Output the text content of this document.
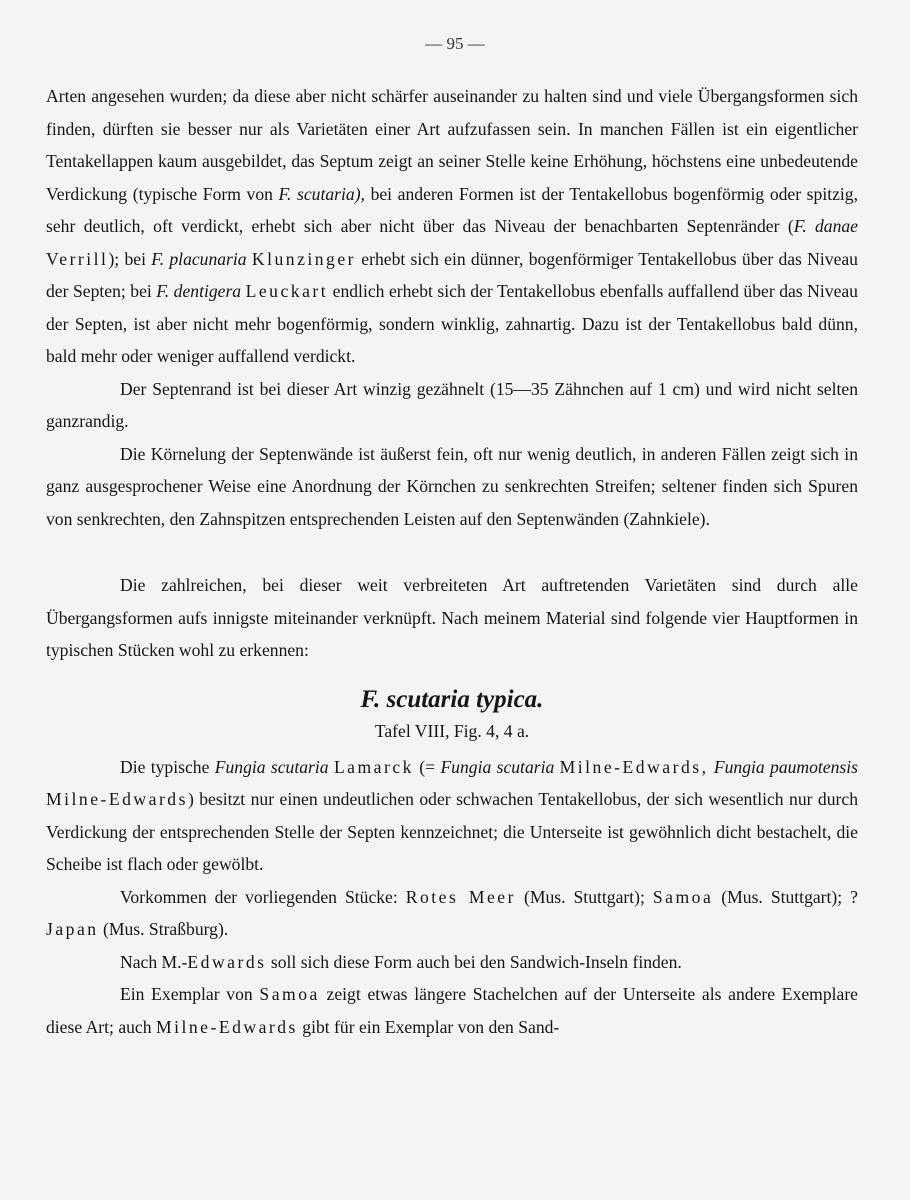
— 95 —

Arten angesehen wurden; da diese aber nicht schärfer auseinander zu halten sind und viele Übergangsformen sich finden, dürften sie besser nur als Varietäten einer Art aufzufassen sein. In manchen Fällen ist ein eigentlicher Tentakellappen kaum ausgebildet, das Septum zeigt an seiner Stelle keine Erhöhung, höchstens eine unbedeutende Verdickung (typische Form von F. scutaria), bei anderen Formen ist der Tentakellobus bogenförmig oder spitzig, sehr deutlich, oft verdickt, erhebt sich aber nicht über das Niveau der benachbarten Septenränder (F. danae Verrill); bei F. placunaria Klunzinger erhebt sich ein dünner, bogenförmiger Tentakellobus über das Niveau der Septen; bei F. dentigera Leuckart endlich erhebt sich der Tentakellobus ebenfalls auffallend über das Niveau der Septen, ist aber nicht mehr bogenförmig, sondern winklig, zahnartig. Dazu ist der Tentakellobus bald dünn, bald mehr oder weniger auffallend verdickt.

Der Septenrand ist bei dieser Art winzig gezähnelt (15—35 Zähnchen auf 1 cm) und wird nicht selten ganzrandig.

Die Körnelung der Septenwände ist äußerst fein, oft nur wenig deutlich, in anderen Fällen zeigt sich in ganz ausgesprochener Weise eine Anordnung der Körnchen zu senkrechten Streifen; seltener finden sich Spuren von senkrechten, den Zahnspitzen entsprechenden Leisten auf den Septenwänden (Zahnkiele).

Die zahlreichen, bei dieser weit verbreiteten Art auftretenden Varietäten sind durch alle Übergangsformen aufs innigste miteinander verknüpft. Nach meinem Material sind folgende vier Hauptformen in typischen Stücken wohl zu erkennen:

F. scutaria typica.
Tafel VIII, Fig. 4, 4 a.

Die typische Fungia scutaria Lamarck (= Fungia scutaria Milne-Edwards, Fungia paumotensis Milne-Edwards) besitzt nur einen undeutlichen oder schwachen Tentakellobus, der sich wesentlich nur durch Verdickung der entsprechenden Stelle der Septen kennzeichnet; die Unterseite ist gewöhnlich dicht bestachelt, die Scheibe ist flach oder gewölbt.

Vorkommen der vorliegenden Stücke: Rotes Meer (Mus. Stuttgart); Samoa (Mus. Stuttgart); ? Japan (Mus. Straßburg).

Nach M.-Edwards soll sich diese Form auch bei den Sandwich-Inseln finden.

Ein Exemplar von Samoa zeigt etwas längere Stachelchen auf der Unterseite als andere Exemplare diese Art; auch Milne-Edwards gibt für ein Exemplar von den Sand-
